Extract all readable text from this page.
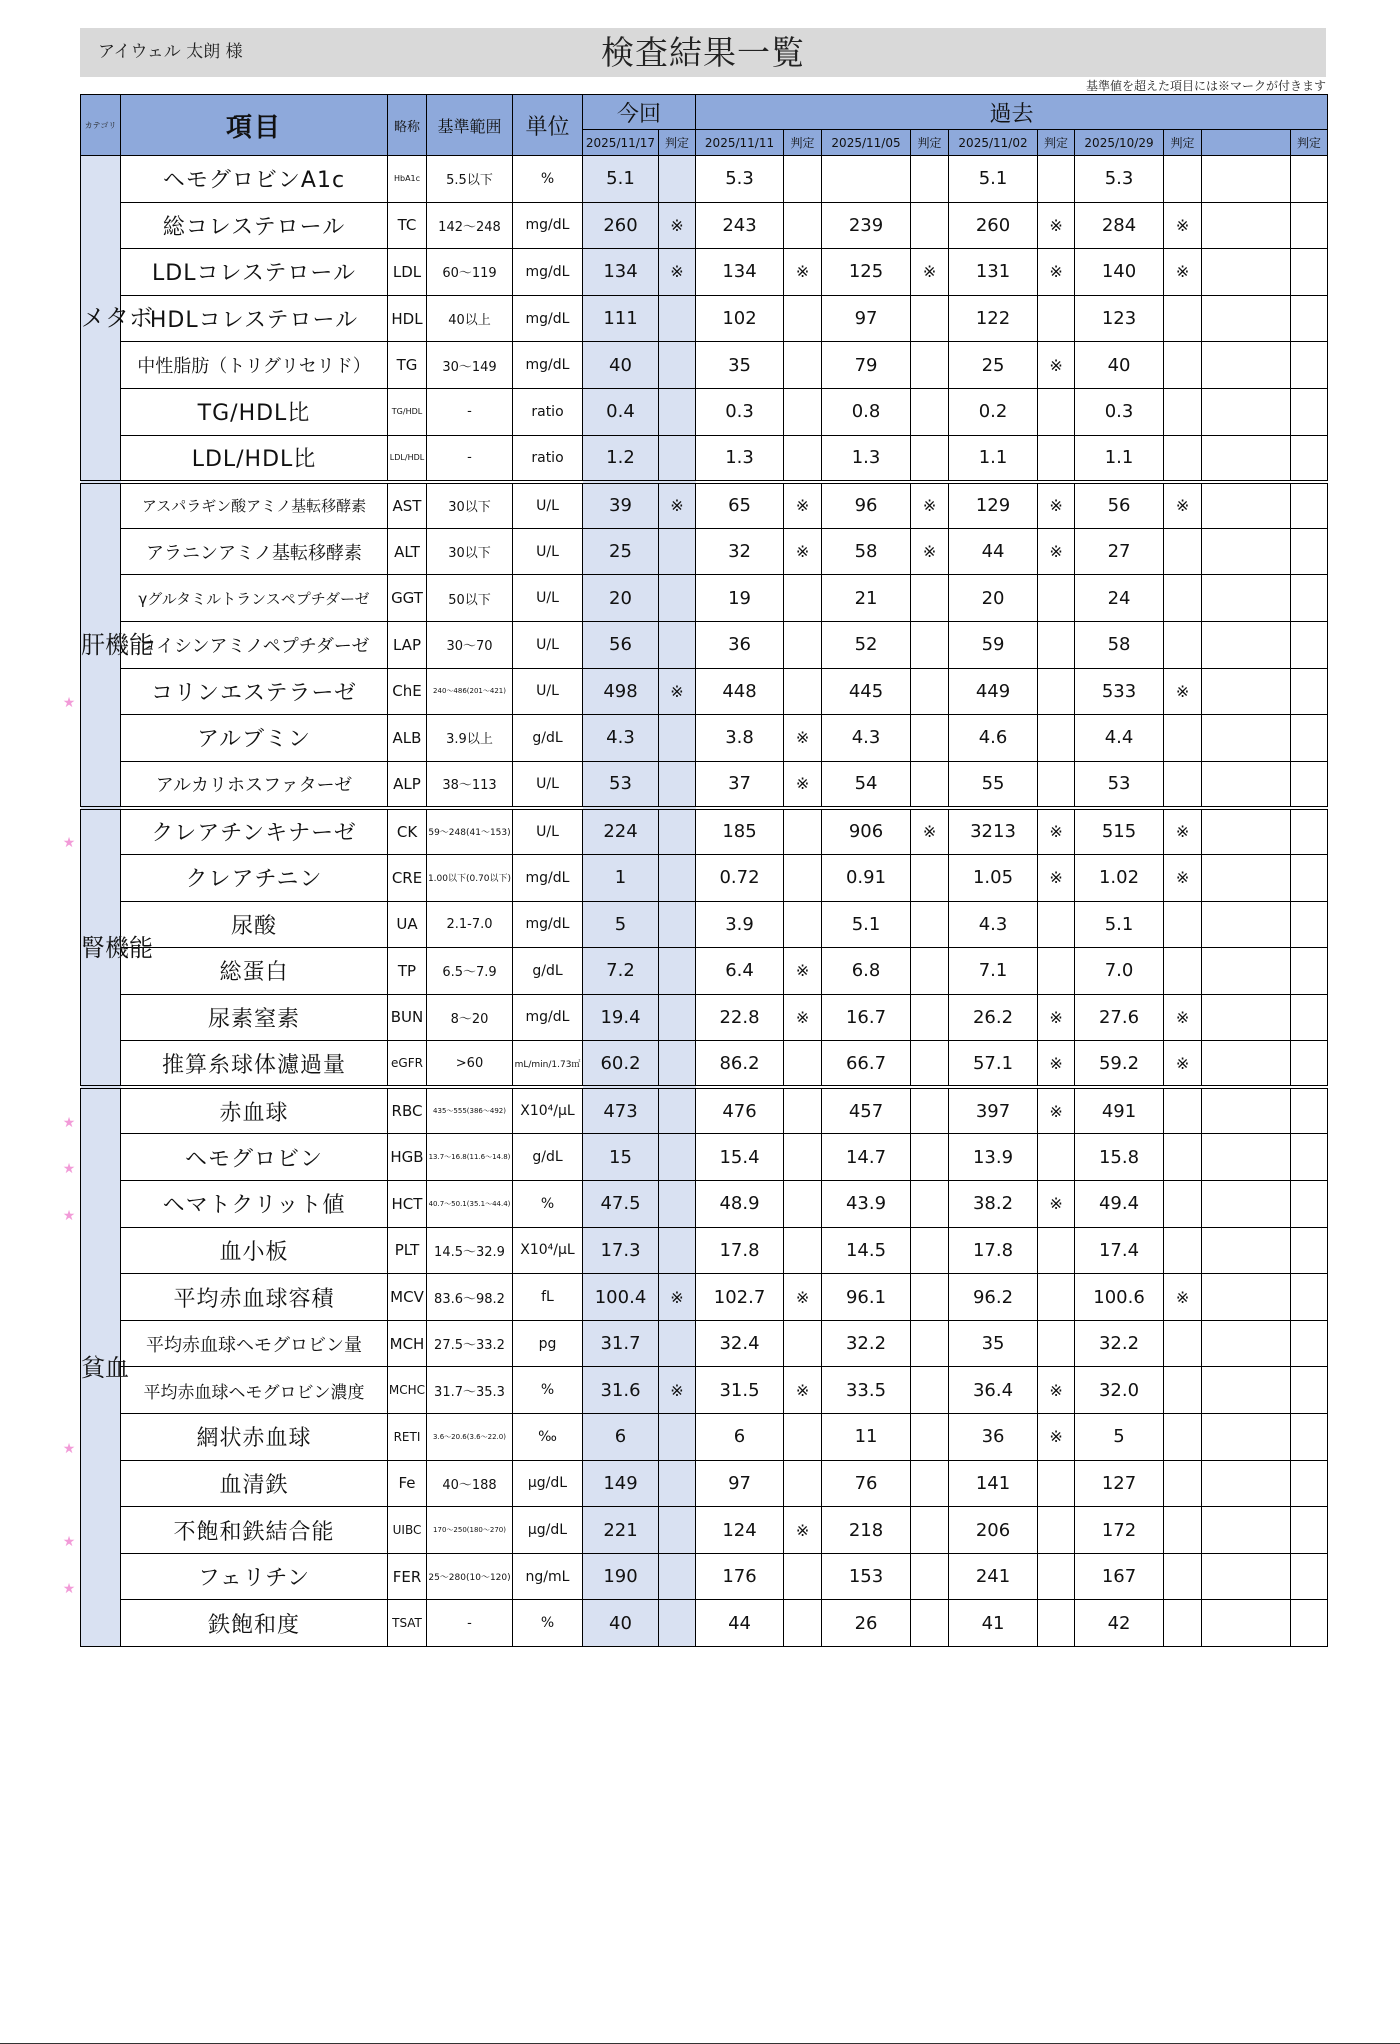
検査結果一覧
アイウェル 太朗 様
基準値を超えた項目には※マークが付きます
カテゴリ	項目	略称	基準範囲	単位	今回		過去									
					2025/11/17	判定	2025/11/11	判定	2025/11/05	判定	2025/11/02	判定	2025/10/29	判定		判定
メタボ	ヘモグロビンA1c	HbA1c	5.5以下	%	5.1		5.3				5.1		5.3			
	総コレステロール	TC	142～248	mg/dL	260	※	243		239		260	※	284	※		
	LDLコレステロール	LDL	60～119	mg/dL	134	※	134	※	125	※	131	※	140	※		
	HDLコレステロール	HDL	40以上	mg/dL	111		102		97		122		123			
	中性脂肪（トリグリセリド）	TG	30～149	mg/dL	40		35		79		25	※	40			
	TG/HDL比	TG/HDL	-	ratio	0.4		0.3		0.8		0.2		0.3			
	LDL/HDL比	LDL/HDL	-	ratio	1.2		1.3		1.3		1.1		1.1			
肝機能	アスパラギン酸アミノ基転移酵素	AST	30以下	U/L	39	※	65	※	96	※	129	※	56	※		
	アラニンアミノ基転移酵素	ALT	30以下	U/L	25		32	※	58	※	44	※	27			
	γグルタミルトランスペプチダーゼ	GGT	50以下	U/L	20		19		21		20		24			
	ロイシンアミノペプチダーゼ	LAP	30～70	U/L	56		36		52		59		58			
	コリンエステラーゼ	ChE	240～486(201～421)	U/L	498	※	448		445		449		533	※		
	アルブミン	ALB	3.9以上	g/dL	4.3		3.8	※	4.3		4.6		4.4			
	アルカリホスファターゼ	ALP	38～113	U/L	53		37	※	54		55		53			
腎機能	クレアチンキナーゼ	CK	59～248(41～153)	U/L	224		185		906	※	3213	※	515	※		
	クレアチニン	CRE	1.00以下(0.70以下)	mg/dL	1		0.72		0.91		1.05	※	1.02	※		
	尿酸	UA	2.1-7.0	mg/dL	5		3.9		5.1		4.3		5.1			
	総蛋白	TP	6.5～7.9	g/dL	7.2		6.4	※	6.8		7.1		7.0			
	尿素窒素	BUN	8～20	mg/dL	19.4		22.8	※	16.7		26.2	※	27.6	※		
	推算糸球体濾過量	eGFR	>60	mL/min/1.73㎡	60.2		86.2		66.7		57.1	※	59.2	※		
貧血	赤血球	RBC	435～555(386～492)	X10⁴/μL	473		476		457		397	※	491			
	ヘモグロビン	HGB	13.7～16.8(11.6～14.8)	g/dL	15		15.4		14.7		13.9		15.8			
	ヘマトクリット値	HCT	40.7～50.1(35.1～44.4)	%	47.5		48.9		43.9		38.2	※	49.4			
	血小板	PLT	14.5～32.9	X10⁴/μL	17.3		17.8		14.5		17.8		17.4			
	平均赤血球容積	MCV	83.6～98.2	fL	100.4	※	102.7	※	96.1		96.2		100.6	※		
	平均赤血球ヘモグロビン量	MCH	27.5～33.2	pg	31.7		32.4		32.2		35		32.2			
	平均赤血球ヘモグロビン濃度	MCHC	31.7～35.3	%	31.6	※	31.5	※	33.5		36.4	※	32.0			
	網状赤血球	RETI	3.6～20.6(3.6～22.0)	‰	6		6		11		36	※	5			
	血清鉄	Fe	40～188	μg/dL	149		97		76		141		127			
	不飽和鉄結合能	UIBC	170～250(180～270)	μg/dL	221		124	※	218		206		172			
	フェリチン	FER	25～280(10～120)	ng/mL	190		176		153		241		167			
	鉄飽和度	TSAT	-	%	40		44		26		41		42			
★
★
★
★
★
★
★
★
